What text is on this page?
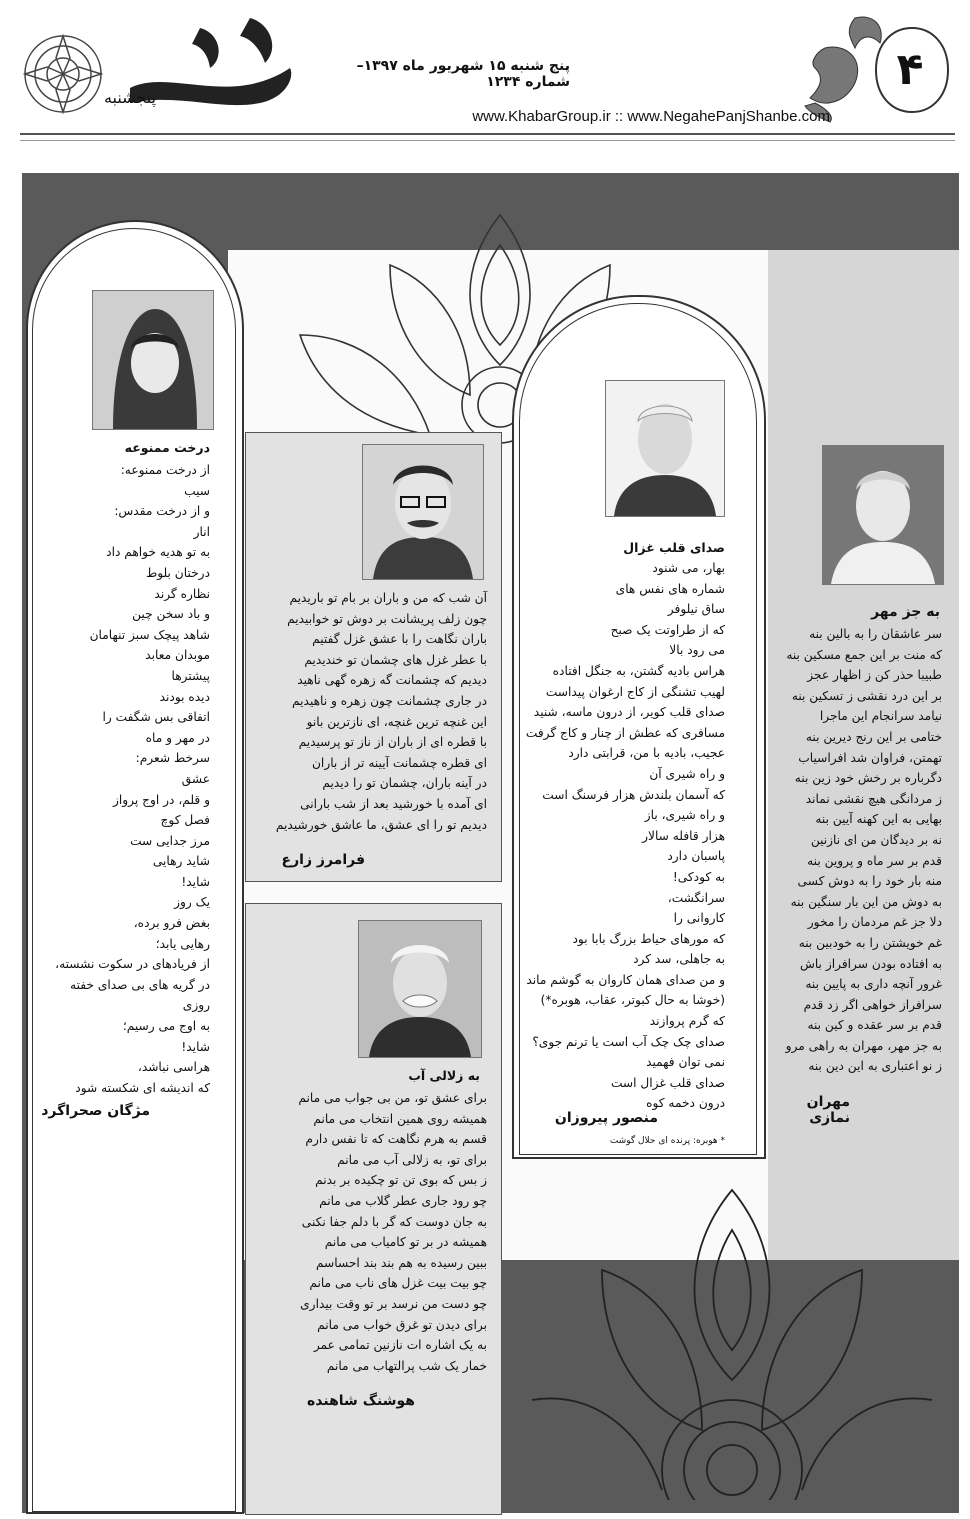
۴
پنج شنبه ۱۵ شهریور ماه ۱۳۹۷– شماره ۱۲۳۴
www.KhabarGroup.ir :: www.NegahePanjShanbe.com
پنجشنبه
درخت ممنوعه
از درخت ممنوعه:
سیب
و از درخت مقدس:
انار
به تو هدیه خواهم داد
درختان بلوط
نظاره گرند
و باد سخن چین
شاهد پیچک سبز تنهامان
موبدان معابد
پیشترها
دیده بودند
اتفاقی بس شگفت را
در مهر و ماه
سرخط شعرم:
عشق
و قلم، در اوج پرواز
فصل کوچ
مرز جدایی ست
شاید رهایی
شاید!
یک روز
بغض فرو برده،
رهایی یابد؛
از فریادهای در سکوت نشسته،
در گریه های بی صدای خفته
روزی
به اوج می رسیم؛
شاید!
هراسی نباشد،
که اندیشه ای شکسته شود
مژگان صحراگرد
آن شب که من و باران بر بام تو باریدیم
چون زلف پریشانت بر دوش تو خوابیدیم
باران نگاهت را با عشق غزل گفتیم
با عطر غزل های چشمان تو خندیدیم
دیدیم که چشمانت گه زهره گهی ناهید
در جاری چشمانت چون زهره و ناهیدیم
این غنچه ترین غنچه، ای نازترین بانو
با قطره ای از باران از ناز تو پرسیدیم
ای قطره چشمانت آیینه تر از باران
در آینه باران، چشمان تو را دیدیم
ای آمده با خورشید بعد از شب بارانی
دیدیم تو را ای عشق، ما عاشق خورشیدیم
فرامرز زارع
به زلالی آب
برای عشق تو، من بی جواب می مانم
همیشه روی همین انتخاب می مانم
قسم به هرم نگاهت که تا نفس دارم
برای تو، به زلالی آب می مانم
ز بس که بوی تن تو چکیده بر بدنم
چو رود جاری عطر گلاب می مانم
به جان دوست که گر با دلم جفا نکنی
همیشه در بر تو کامیاب می مانم
ببین رسیده به هم بند بند احساسم
چو بیت بیت غزل های ناب می مانم
چو دست من نرسد بر تو وقت بیداری
برای دیدن تو غرق خواب می مانم
به یک اشاره ات نازنین تمامی عمر
خمار یک شب پرالتهاب می مانم
هوشنگ شاهنده
صدای قلب غزال
بهار، می شنود
شماره های نفس های
ساق نیلوفر
که از طراوتت یک صبح
می رود بالا
هراس بادیه گشتن، به جنگل افتاده
لهیب تشنگی از کاج ارغوان پیداست
صدای قلب کویر، از درون ماسه، شنید
مسافری که عطش از چنار و کاج گرفت
عجیب، بادیه با من، قرابتی دارد
و راه شیری آن
که آسمان بلندش هزار فرسنگ است
و راه شیری، باز
هزار قافله سالار
پاسبان دارد
به کودکی!
سرانگشت،
کاروانی را
که مورهای حیاط بزرگ بابا بود
به جاهلی، سد کرد
و من صدای همان کاروان به گوشم ماند
(خوشا به حال کبوتر، عقاب، هوبره*)
که گرم پروازند
صدای چک چک آب است یا ترنم جوی؟
نمی توان فهمید
صدای قلب غزال است
درون دخمه کوه
منصور پیروزان
* هوبره: پرنده ای حلال گوشت
به جز مهر
سر عاشقان را به بالین بنه
که منت بر این جمع مسکین بنه
طبیبا حذر کن ز اظهار عجز
بر این درد نقشی ز تسکین بنه
نیامد سرانجام این ماجرا
ختامی بر این رنج دیرین بنه
تهمتن، فراوان شد افراسیاب
دگرباره بر رخش خود زین بنه
ز مردانگی هیچ نقشی نماند
بهایی به این کهنه آیین بنه
نه بر دیدگان من ای نازنین
قدم بر سر ماه و پروین بنه
منه بار خود را به دوش کسی
به دوش من این بار سنگین بنه
دلا جز غم مردمان را مخور
غم خویشتن را به خودبین بنه
به افتاده بودن سرافراز باش
غرور آنچه داری به پایین بنه
سرافراز خواهی اگر زد قدم
قدم بر سر عقده و کین بنه
به جز مهر، مهران به راهی مرو
ز نو اعتباری به این دین بنه
مهران نمازی
